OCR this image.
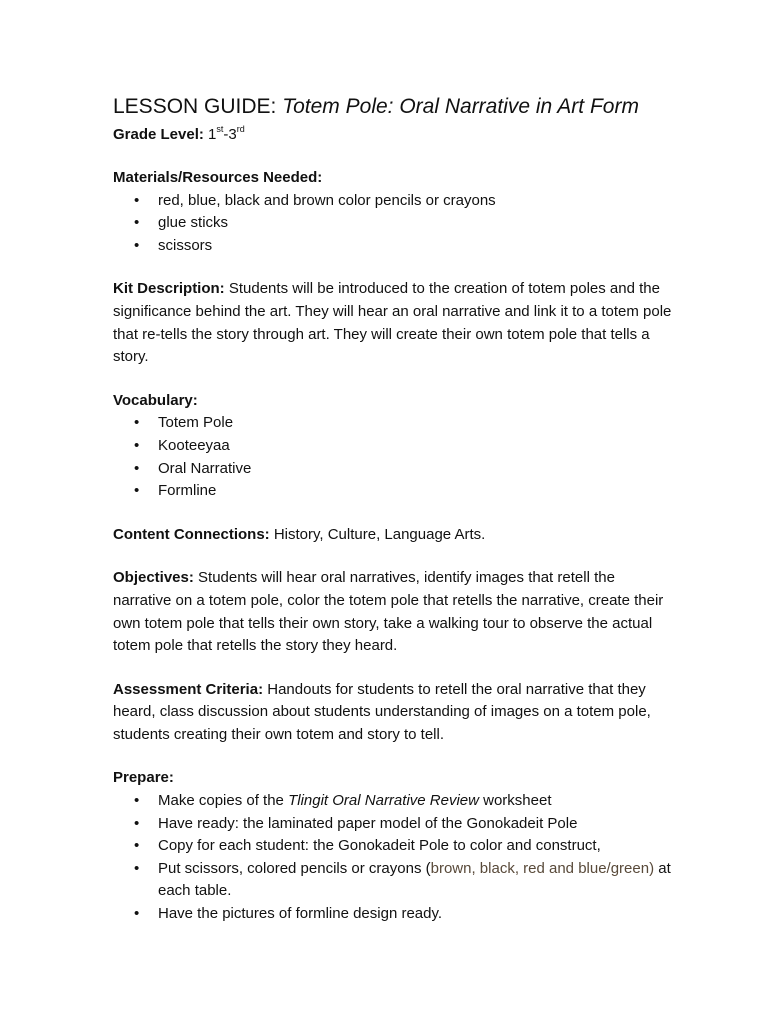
LESSON GUIDE: Totem Pole: Oral Narrative in Art Form

Grade Level: 1st-3rd

Materials/Resources Needed:

• red, blue, black and brown color pencils or crayons
• glue sticks
• scissors

Kit Description: Students will be introduced to the creation of totem poles and the significance behind the art. They will hear an oral narrative and link it to a totem pole that re-tells the story through art. They will create their own totem pole that tells a story.

Vocabulary:

• Totem Pole
• Kooteeyaa
• Oral Narrative
• Formline

Content Connections: History, Culture, Language Arts.

Objectives: Students will hear oral narratives, identify images that retell the narrative on a totem pole, color the totem pole that retells the narrative, create their own totem pole that tells their own story, take a walking tour to observe the actual totem pole that retells the story they heard.

Assessment Criteria: Handouts for students to retell the oral narrative that they heard, class discussion about students understanding of images on a totem pole, students creating their own totem and story to tell.

Prepare:

• Make copies of the Tlingit Oral Narrative Review worksheet
• Have ready: the laminated paper model of the Gonokadeit Pole
• Copy for each student: the Gonokadeit Pole to color and construct,
• Put scissors, colored pencils or crayons (brown, black, red and blue/green) at each table.
• Have the pictures of formline design ready.
